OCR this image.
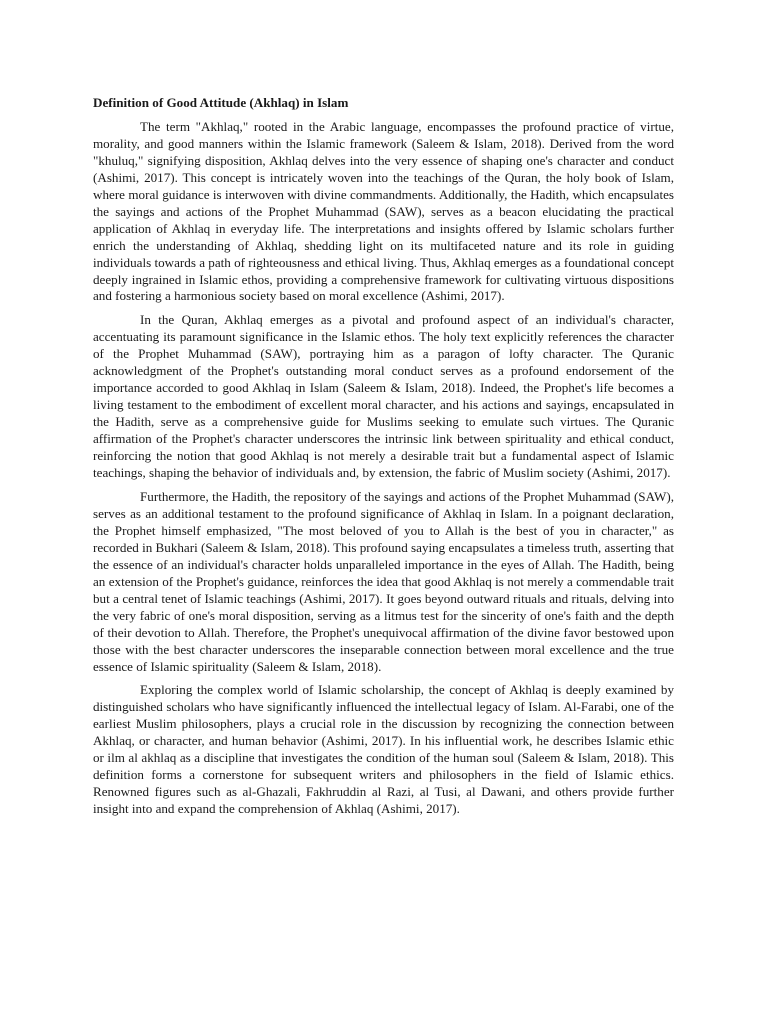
Definition of Good Attitude (Akhlaq) in Islam

The term "Akhlaq," rooted in the Arabic language, encompasses the profound practice of virtue, morality, and good manners within the Islamic framework (Saleem & Islam, 2018). Derived from the word "khuluq," signifying disposition, Akhlaq delves into the very essence of shaping one's character and conduct (Ashimi, 2017). This concept is intricately woven into the teachings of the Quran, the holy book of Islam, where moral guidance is interwoven with divine commandments. Additionally, the Hadith, which encapsulates the sayings and actions of the Prophet Muhammad (SAW), serves as a beacon elucidating the practical application of Akhlaq in everyday life. The interpretations and insights offered by Islamic scholars further enrich the understanding of Akhlaq, shedding light on its multifaceted nature and its role in guiding individuals towards a path of righteousness and ethical living. Thus, Akhlaq emerges as a foundational concept deeply ingrained in Islamic ethos, providing a comprehensive framework for cultivating virtuous dispositions and fostering a harmonious society based on moral excellence (Ashimi, 2017).

In the Quran, Akhlaq emerges as a pivotal and profound aspect of an individual's character, accentuating its paramount significance in the Islamic ethos. The holy text explicitly references the character of the Prophet Muhammad (SAW), portraying him as a paragon of lofty character. The Quranic acknowledgment of the Prophet's outstanding moral conduct serves as a profound endorsement of the importance accorded to good Akhlaq in Islam (Saleem & Islam, 2018). Indeed, the Prophet's life becomes a living testament to the embodiment of excellent moral character, and his actions and sayings, encapsulated in the Hadith, serve as a comprehensive guide for Muslims seeking to emulate such virtues. The Quranic affirmation of the Prophet's character underscores the intrinsic link between spirituality and ethical conduct, reinforcing the notion that good Akhlaq is not merely a desirable trait but a fundamental aspect of Islamic teachings, shaping the behavior of individuals and, by extension, the fabric of Muslim society (Ashimi, 2017).

Furthermore, the Hadith, the repository of the sayings and actions of the Prophet Muhammad (SAW), serves as an additional testament to the profound significance of Akhlaq in Islam. In a poignant declaration, the Prophet himself emphasized, "The most beloved of you to Allah is the best of you in character," as recorded in Bukhari (Saleem & Islam, 2018). This profound saying encapsulates a timeless truth, asserting that the essence of an individual's character holds unparalleled importance in the eyes of Allah. The Hadith, being an extension of the Prophet's guidance, reinforces the idea that good Akhlaq is not merely a commendable trait but a central tenet of Islamic teachings (Ashimi, 2017). It goes beyond outward rituals and rituals, delving into the very fabric of one's moral disposition, serving as a litmus test for the sincerity of one's faith and the depth of their devotion to Allah. Therefore, the Prophet's unequivocal affirmation of the divine favor bestowed upon those with the best character underscores the inseparable connection between moral excellence and the true essence of Islamic spirituality (Saleem & Islam, 2018).

Exploring the complex world of Islamic scholarship, the concept of Akhlaq is deeply examined by distinguished scholars who have significantly influenced the intellectual legacy of Islam. Al-Farabi, one of the earliest Muslim philosophers, plays a crucial role in the discussion by recognizing the connection between Akhlaq, or character, and human behavior (Ashimi, 2017). In his influential work, he describes Islamic ethic or ilm al akhlaq as a discipline that investigates the condition of the human soul (Saleem & Islam, 2018). This definition forms a cornerstone for subsequent writers and philosophers in the field of Islamic ethics. Renowned figures such as al-Ghazali, Fakhruddin al Razi, al Tusi, al Dawani, and others provide further insight into and expand the comprehension of Akhlaq (Ashimi, 2017).
